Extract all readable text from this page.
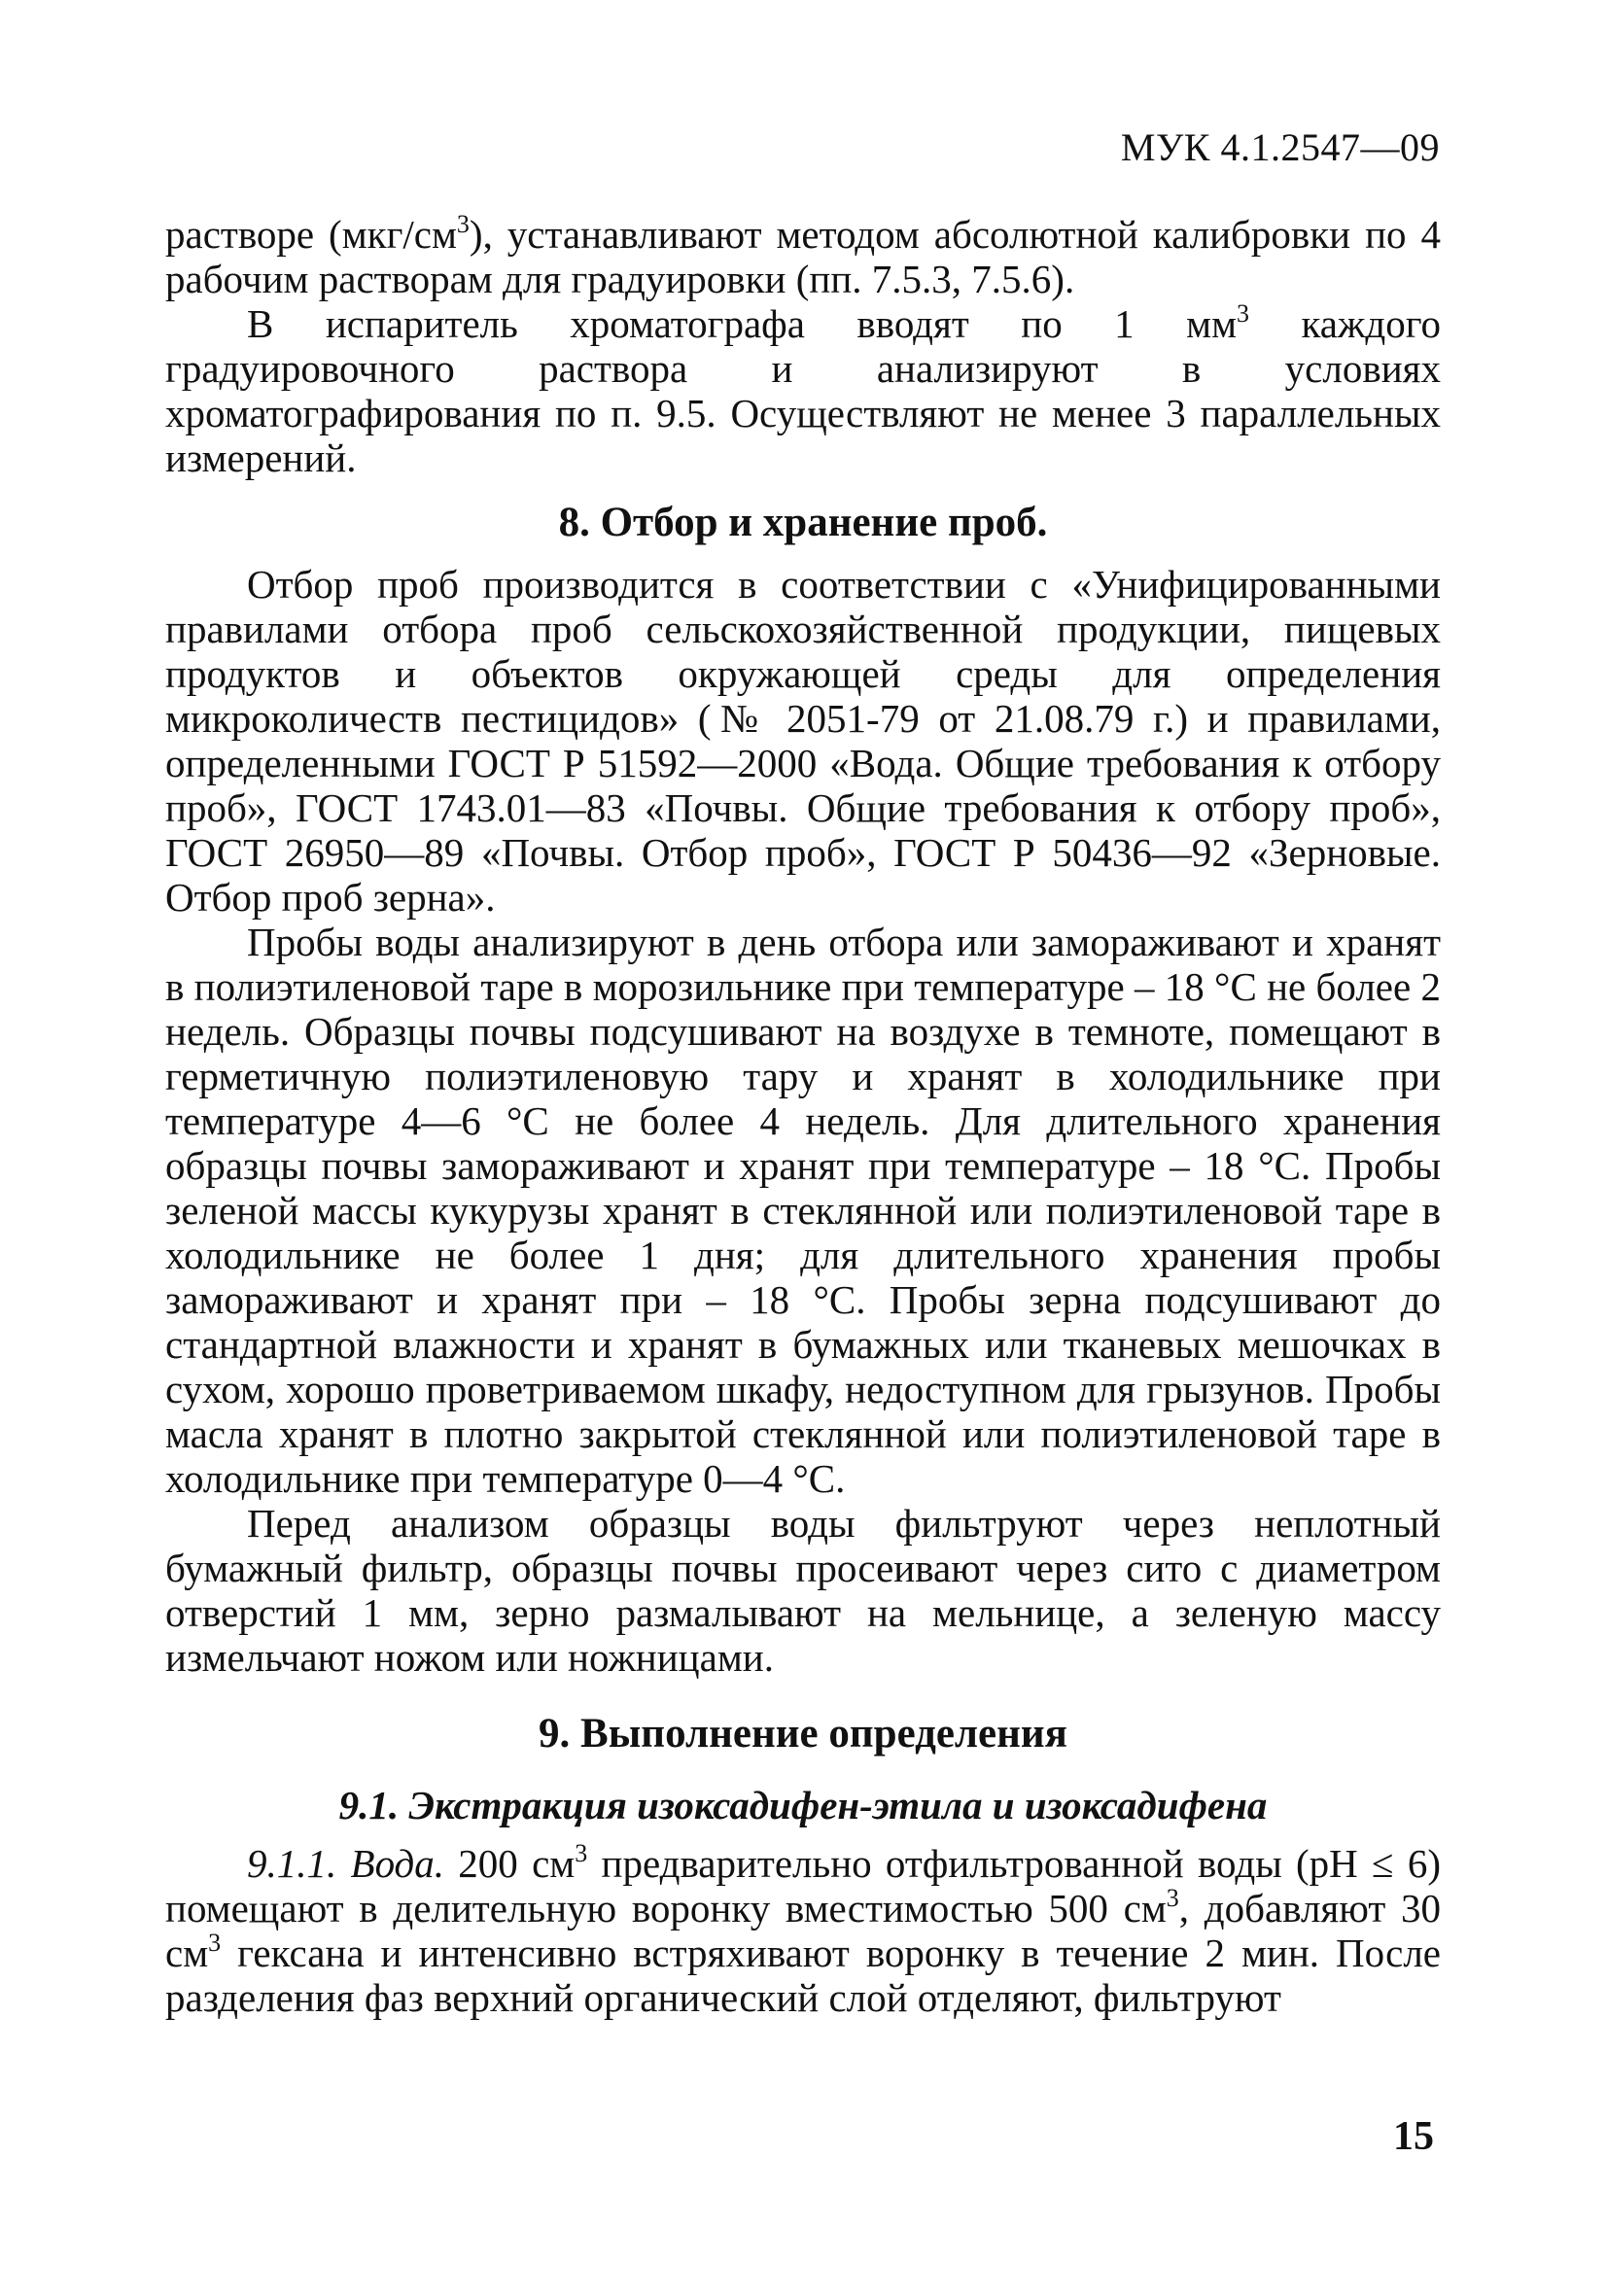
МУК 4.1.2547—09

растворе $(мкг/см^3)$, устанавливают методом абсолютной калибровки по 4 рабочим растворам для градуировки (пп. 7.5.3, 7.5.6).

В испаритель хроматографа вводят по 1 $мм^3$ каждого градуировочного раствора и анализируют в условиях хроматографирования по п. 9.5. Осуществляют не менее 3 параллельных измерений.

8. Отбор и хранение проб.

Отбор проб производится в соответствии с «Унифицированными правилами отбора проб сельскохозяйственной продукции, пищевых продуктов и объектов окружающей среды для определения микроколичеств пестицидов» (№ 2051-79 от 21.08.79 г.) и правилами, определенными ГОСТ Р 51592—2000 «Вода. Общие требования к отбору проб», ГОСТ 1743.01—83 «Почвы. Общие требования к отбору проб», ГОСТ 26950—89 «Почвы. Отбор проб», ГОСТ Р 50436—92 «Зерновые. Отбор проб зерна».

Пробы воды анализируют в день отбора или замораживают и хранят в полиэтиленовой таре в морозильнике при температуре – 18 °С не более 2 недель. Образцы почвы подсушивают на воздухе в темноте, помещают в герметичную полиэтиленовую тару и хранят в холодильнике при температуре 4—6 °С не более 4 недель. Для длительного хранения образцы почвы замораживают и хранят при температуре – 18 °С. Пробы зеленой массы кукурузы хранят в стеклянной или полиэтиленовой таре в холодильнике не более 1 дня; для длительного хранения пробы замораживают и хранят при – 18 °С. Пробы зерна подсушивают до стандартной влажности и хранят в бумажных или тканевых мешочках в сухом, хорошо проветриваемом шкафу, недоступном для грызунов. Пробы масла хранят в плотно закрытой стеклянной или полиэтиленовой таре в холодильнике при температуре 0—4 °С.

Перед анализом образцы воды фильтруют через неплотный бумажный фильтр, образцы почвы просеивают через сито с диаметром отверстий 1 мм, зерно размалывают на мельнице, а зеленую массу измельчают ножом или ножницами.

9. Выполнение определения
9.1. Экстракция изоксадифен-этила и изоксадифена

9.1.1. Вода. 200 $см^3$ предварительно отфильтрованной воды (рН ≤ 6) помещают в делительную воронку вместимостью 500 $см^3$, добавляют 30 $см^3$ гексана и интенсивно встряхивают воронку в течение 2 мин. После разделения фаз верхний органический слой отделяют, фильтруют

15
